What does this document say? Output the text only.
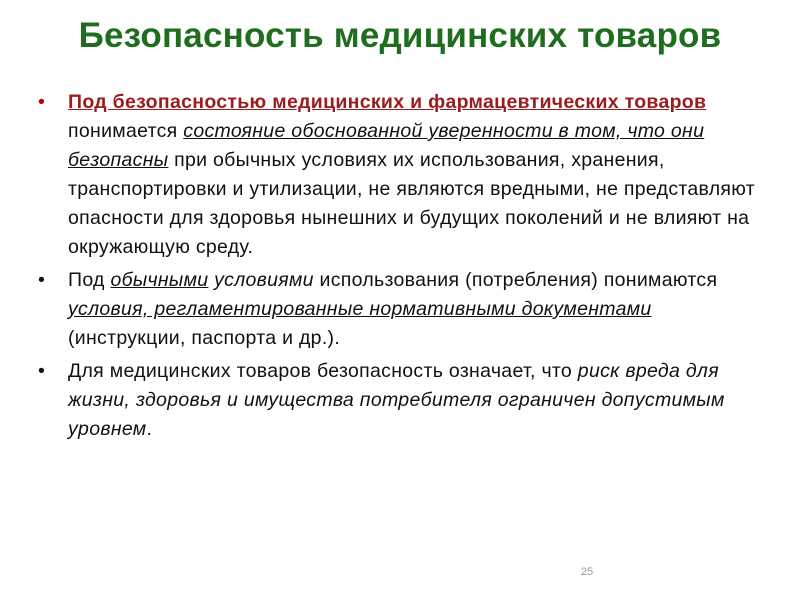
Безопасность медицинских товаров
• Под безопасностью медицинских и фармацевтических товаров понимается состояние обоснованной уверенности в том, что они безопасны при обычных условиях их использования, хранения, транспортировки и утилизации, не являются вредными, не представляют опасности для здоровья нынешних и будущих поколений и не влияют на окружающую среду.
• Под обычными условиями использования (потребления) понимаются условия, регламентированные нормативными документами (инструкции, паспорта и др.).
• Для медицинских товаров безопасность означает, что риск вреда для жизни, здоровья и имущества потребителя ограничен допустимым уровнем.
25
